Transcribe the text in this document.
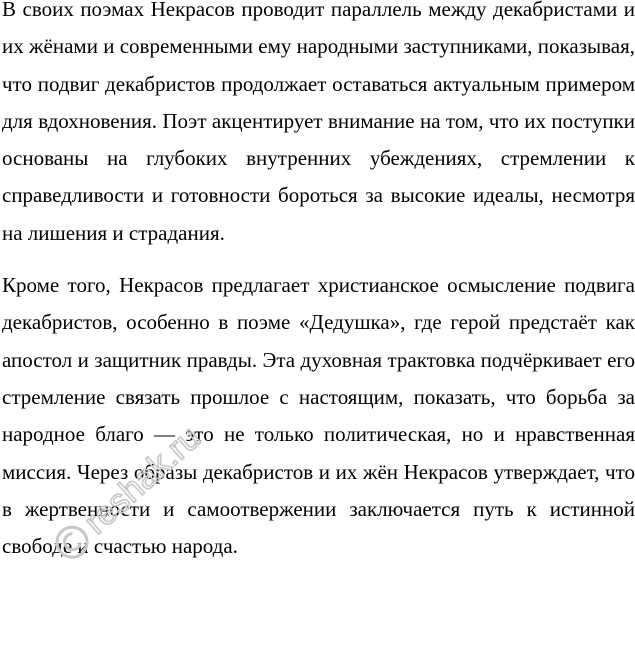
В своих поэмах Некрасов проводит параллель между декабристами и их жёнами и современными ему народными заступниками, показывая, что подвиг декабристов продолжает оставаться актуальным примером для вдохновения. Поэт акцентирует внимание на том, что их поступки основаны на глубоких внутренних убеждениях, стремлении к справедливости и готовности бороться за высокие идеалы, несмотря на лишения и страдания.

Кроме того, Некрасов предлагает христианское осмысление подвига декабристов, особенно в поэме «Дедушка», где герой предстаёт как апостол и защитник правды. Эта духовная трактовка подчёркивает его стремление связать прошлое с настоящим, показать, что борьба за народное благо — это не только политическая, но и нравственная миссия. Через образы декабристов и их жён Некрасов утверждает, что в жертвенности и самоотвержении заключается путь к истинной свободе и счастью народа.

reshak.ru
